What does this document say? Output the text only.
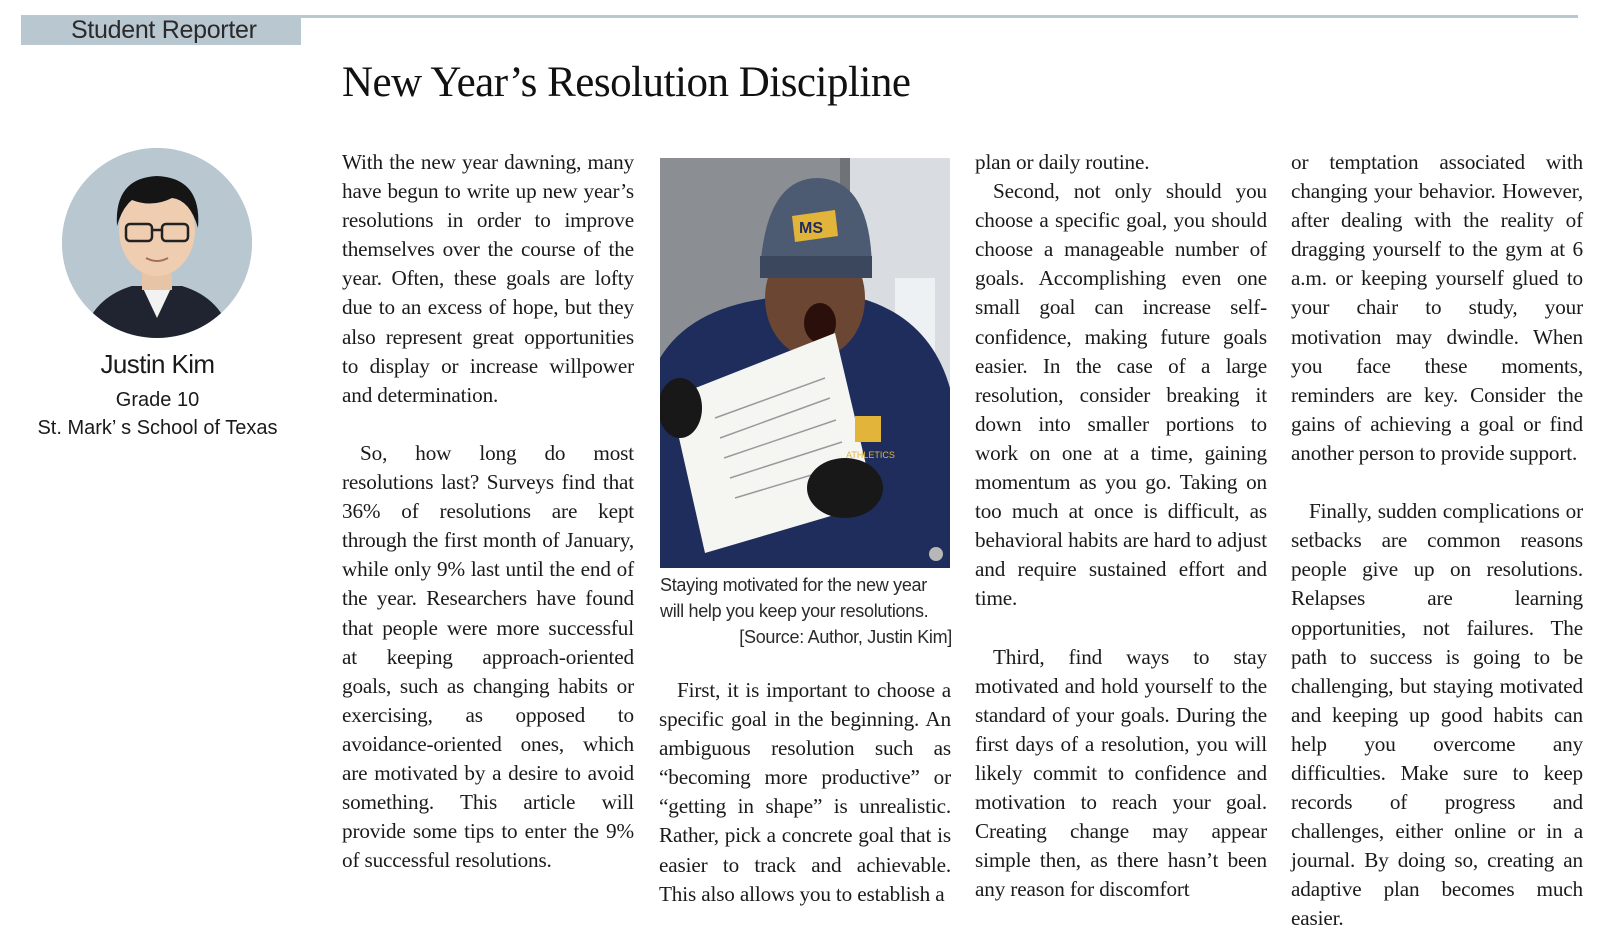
Student Reporter
New Year’s Resolution Discipline
Justin Kim
Grade 10
St. Mark’ s School of Texas

With the new year dawning, many have begun to write up new year’s resolutions in order to improve themselves over the course of the year. Often, these goals are lofty due to an excess of hope, but they also represent great opportunities to display or increase willpower and determination.

So, how long do most resolutions last? Surveys find that 36% of resolutions are kept through the first month of January, while only 9% last until the end of the year. Researchers have found that people were more successful at keeping approach-oriented goals, such as changing habits or exercising, as opposed to avoidance-oriented ones, which are motivated by a desire to avoid something. This article will provide some tips to enter the 9% of successful resolutions.

MS
ATHLETICS
Staying motivated for the new year
will help you keep your resolutions.
[Source: Author, Justin Kim]

First, it is important to choose a specific goal in the beginning. An ambiguous resolution such as “becoming more productive” or “getting in shape” is unrealistic. Rather, pick a concrete goal that is easier to track and achievable. This also allows you to establish a

plan or daily routine.

Second, not only should you choose a specific goal, you should choose a manageable number of goals. Accomplishing even one small goal can increase self-confidence, making future goals easier. In the case of a large resolution, consider breaking it down into smaller portions to work on one at a time, gaining momentum as you go. Taking on too much at once is difficult, as behavioral habits are hard to adjust and require sustained effort and time.

Third, find ways to stay motivated and hold yourself to the standard of your goals. During the first days of a resolution, you will likely commit to confidence and motivation to reach your goal. Creating change may appear simple then, as there hasn’t been any reason for discomfort

or temptation associated with changing your behavior. However, after dealing with the reality of dragging yourself to the gym at 6 a.m. or keeping yourself glued to your chair to study, your motivation may dwindle. When you face these moments, reminders are key. Consider the gains of achieving a goal or find another person to provide support.

Finally, sudden complications or setbacks are common reasons people give up on resolutions. Relapses are learning opportunities, not failures. The path to success is going to be challenging, but staying motivated and keeping up good habits can help you overcome any difficulties. Make sure to keep records of progress and challenges, either online or in a journal. By doing so, creating an adaptive plan becomes much easier.
